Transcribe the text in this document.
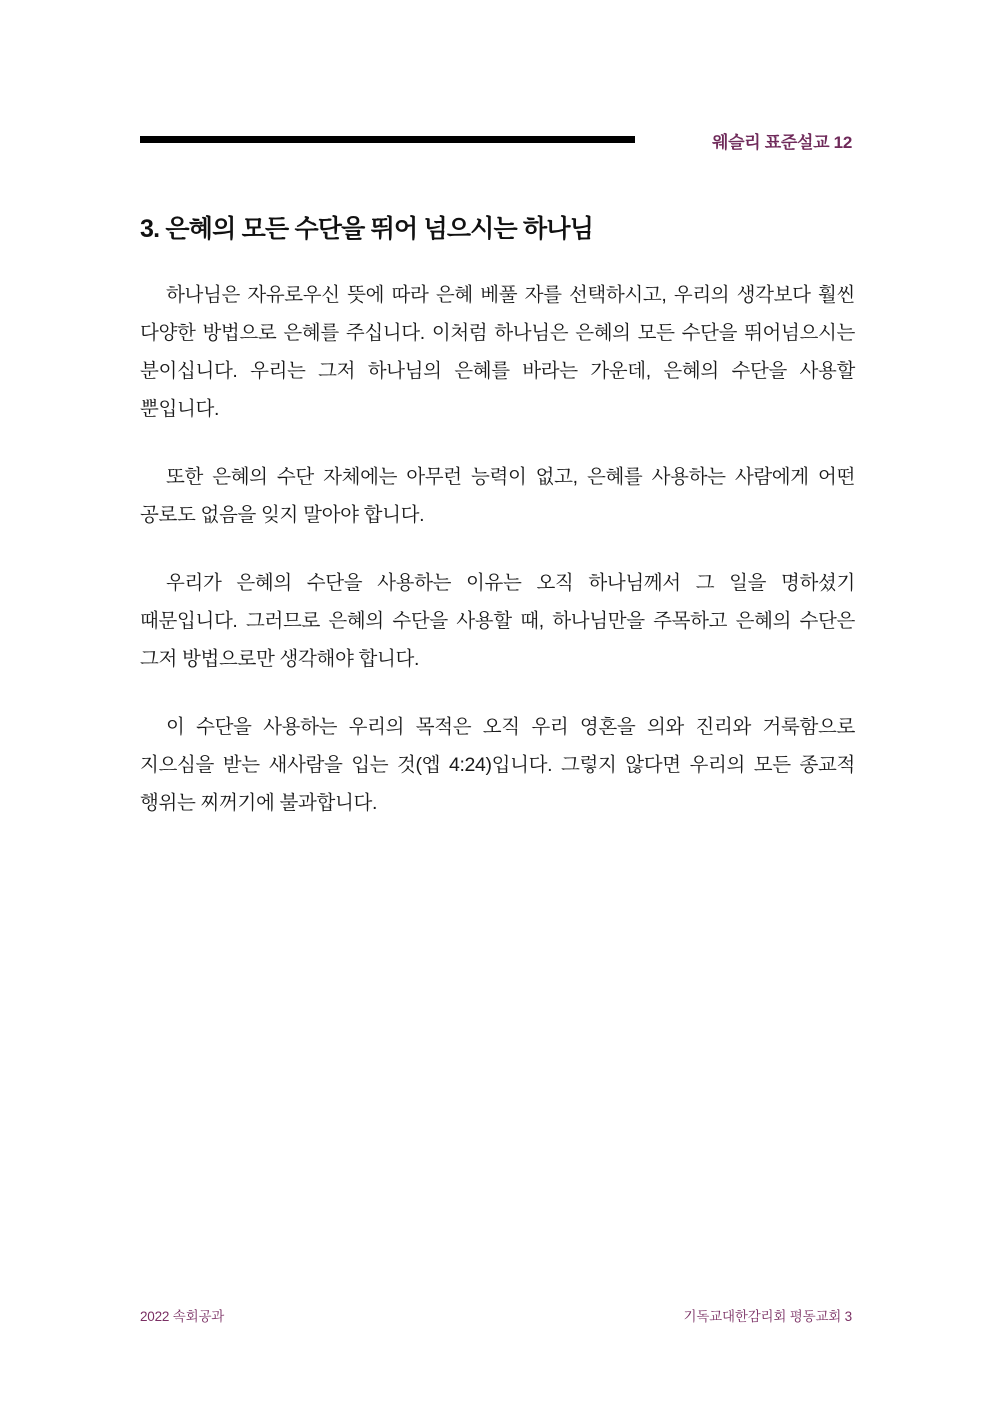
웨슬리 표준설교 12
3. 은혜의 모든 수단을 뛰어 넘으시는 하나님

하나님은 자유로우신 뜻에 따라 은혜 베풀 자를 선택하시고, 우리의 생각보다 훨씬 다양한 방법으로 은혜를 주십니다. 이처럼 하나님은 은혜의 모든 수단을 뛰어넘으시는 분이십니다. 우리는 그저 하나님의 은혜를 바라는 가운데, 은혜의 수단을 사용할 뿐입니다.

또한 은혜의 수단 자체에는 아무런 능력이 없고, 은혜를 사용하는 사람에게 어떤 공로도 없음을 잊지 말아야 합니다.

우리가 은혜의 수단을 사용하는 이유는 오직 하나님께서 그 일을 명하셨기 때문입니다. 그러므로 은혜의 수단을 사용할 때, 하나님만을 주목하고 은혜의 수단은 그저 방법으로만 생각해야 합니다.

이 수단을 사용하는 우리의 목적은 오직 우리 영혼을 의와 진리와 거룩함으로 지으심을 받는 새사람을 입는 것(엡 4:24)입니다. 그렇지 않다면 우리의 모든 종교적 행위는 찌꺼기에 불과합니다.

2022 속회공과	기독교대한감리회 평동교회 3
